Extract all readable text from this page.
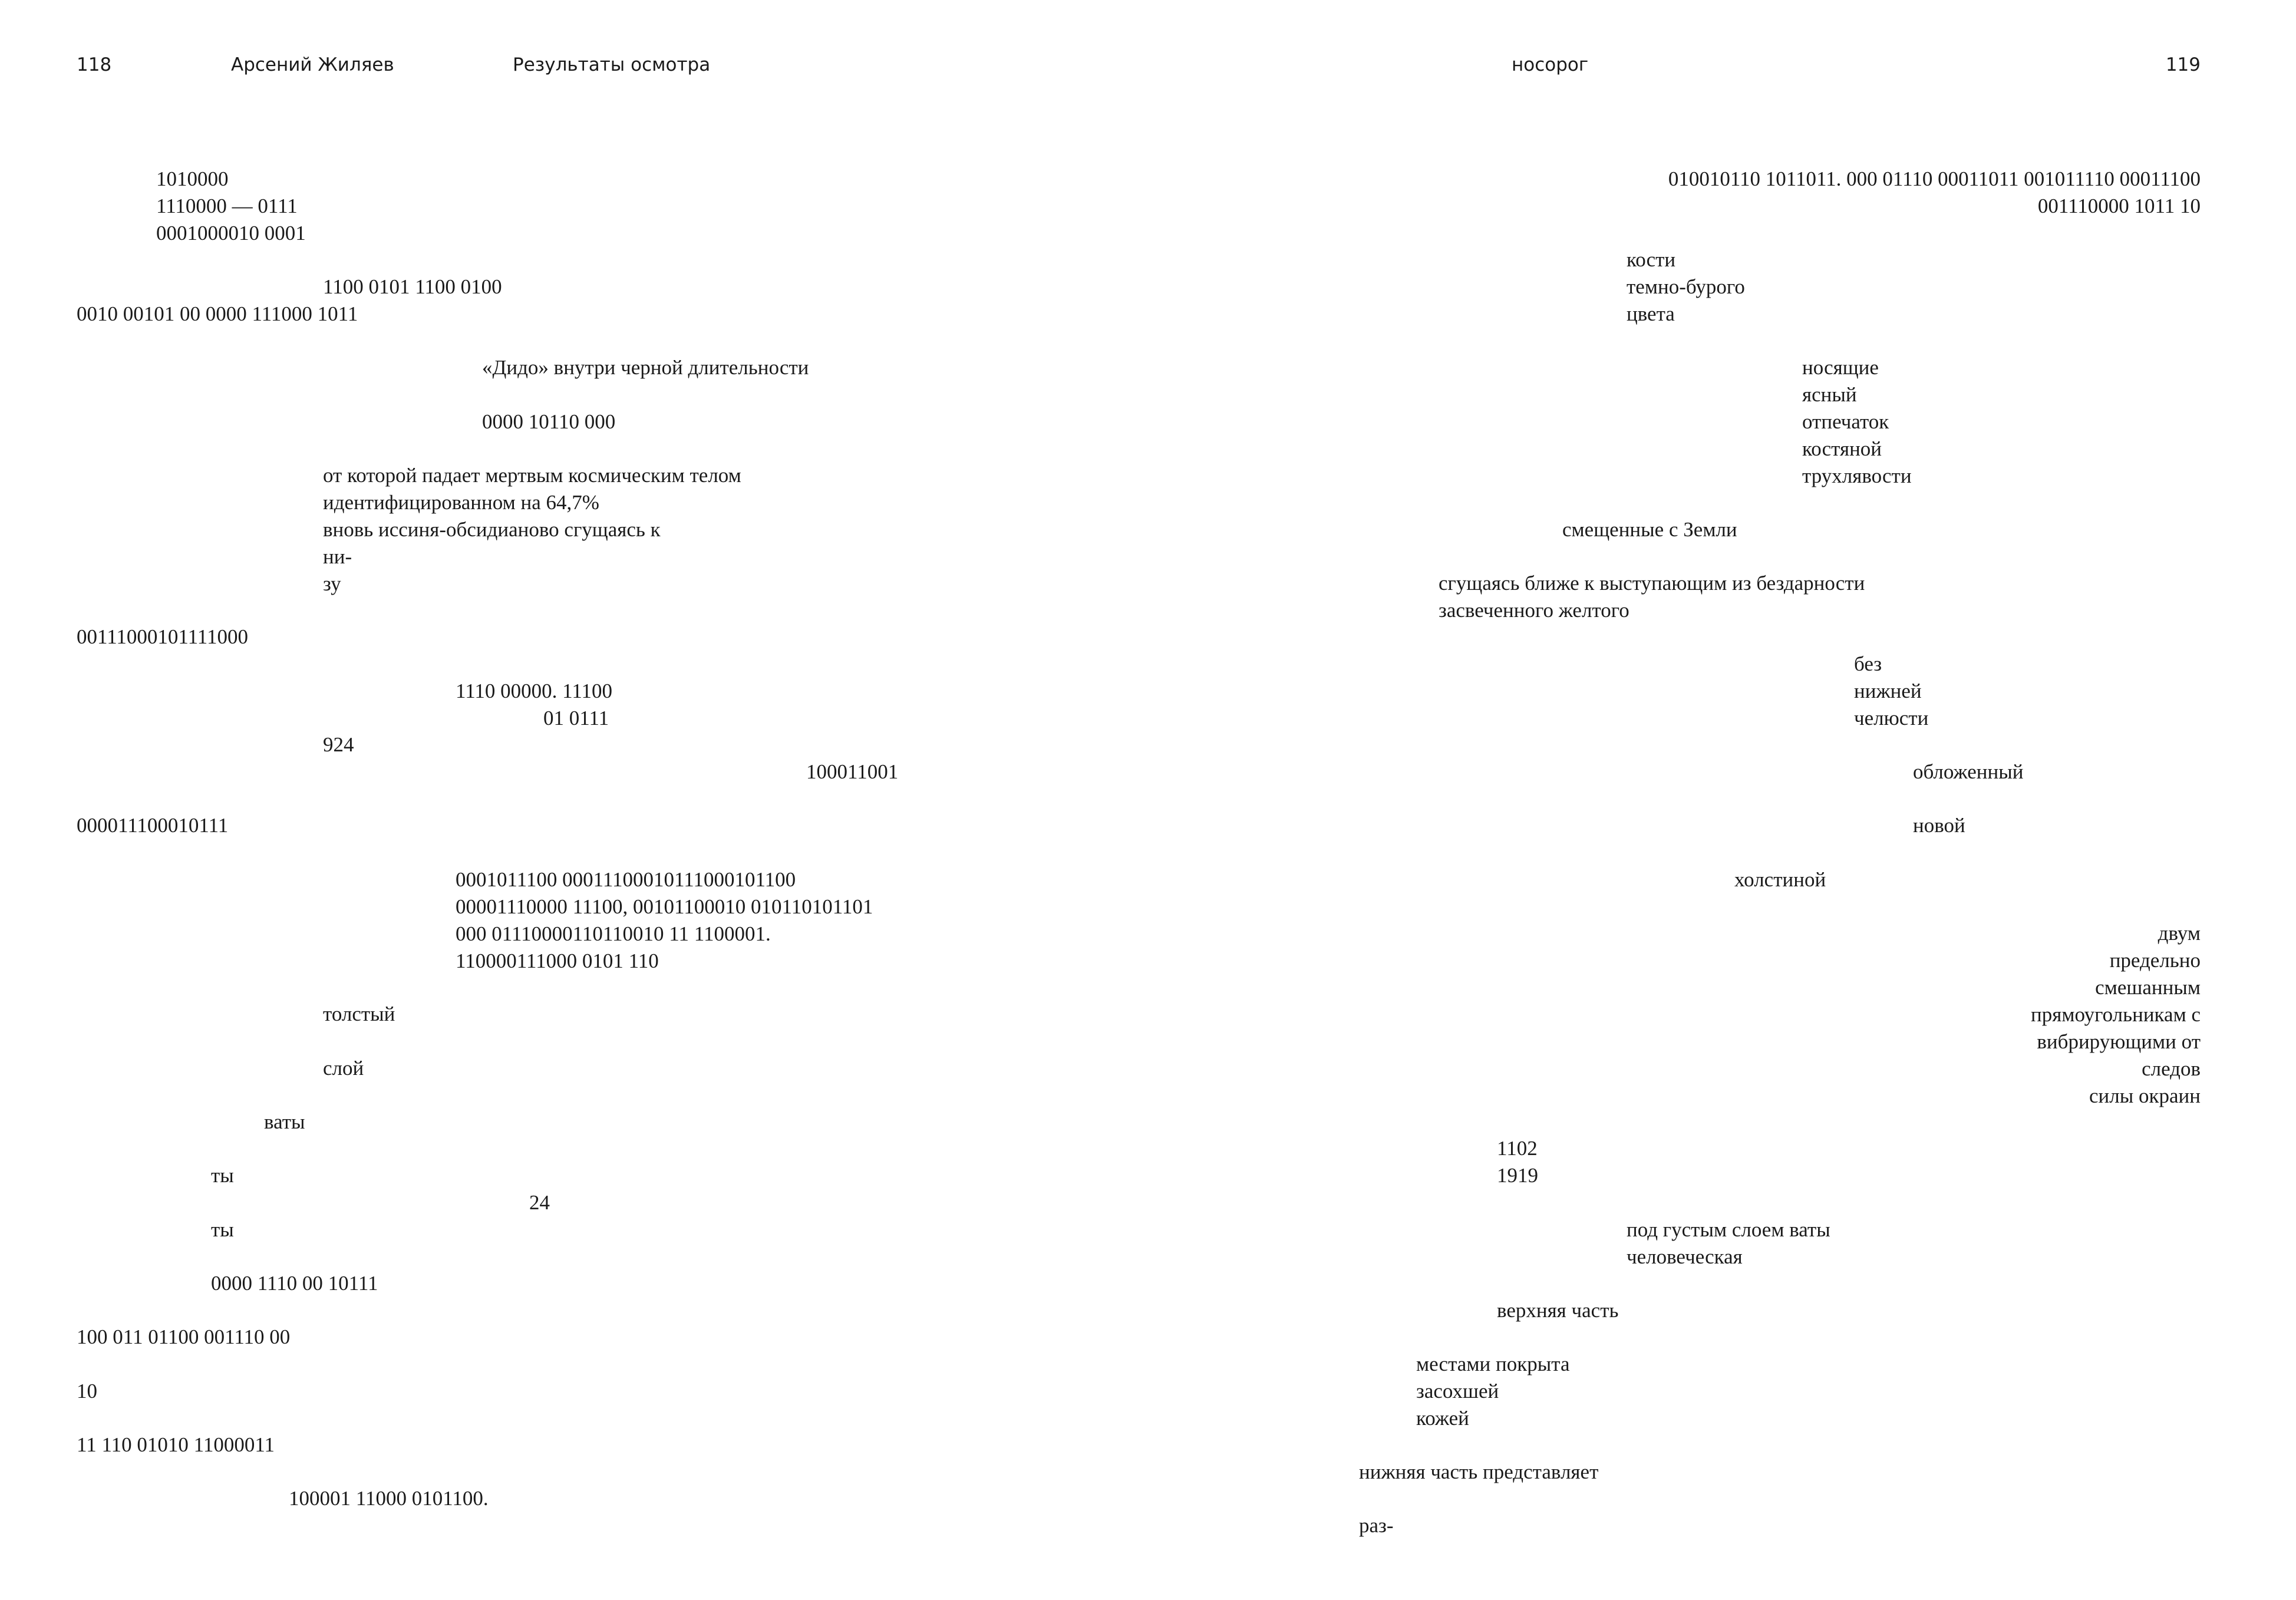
118	Арсений Жиляев	Результаты осмотра
1010000
1110000 — 0111
0001000010 0001
1100 0101 1100 0100
0010 00101 00 0000 111000 1011
«Дидо» внутри черной длительности
0000 10110 000
от которой падает мертвым космическим телом
идентифицированном на 64,7%
вновь иссиня-обсидианово сгущаясь к
ни-
зу
00111000101111000
1110 00000. 11100
01 0111
924
100011001
000011100010111
0001011100 00011100010111000101100
00001110000 11100, 00101100010 010110101101
000 01110000110110010 11 1100001.
110000111000 0101 110
толстый
слой
ваты
ты
24
ты
0000 1110 00 10111
100 011 01100 001110 00
10
11 110 01010 11000011
100001 11000 0101100.
носорог	119
010010110 1011011. 000 01110 00011011 001011110 00011100
001110000 1011 10
кости
темно-бурого
цвета
носящие
ясный
отпечаток
костяной
трухлявости
смещенные с Земли
сгущаясь ближе к выступающим из бездарности
засвеченного желтого
без
нижней
челюсти
обложенный
новой
холстиной
двум
предельно
смешанным
прямоугольникам с
вибрирующими от
следов
силы окраин
1102
1919
под густым слоем ваты
человеческая
верхняя часть
местами покрыта
засохшей
кожей
нижняя часть представляет
раз-
